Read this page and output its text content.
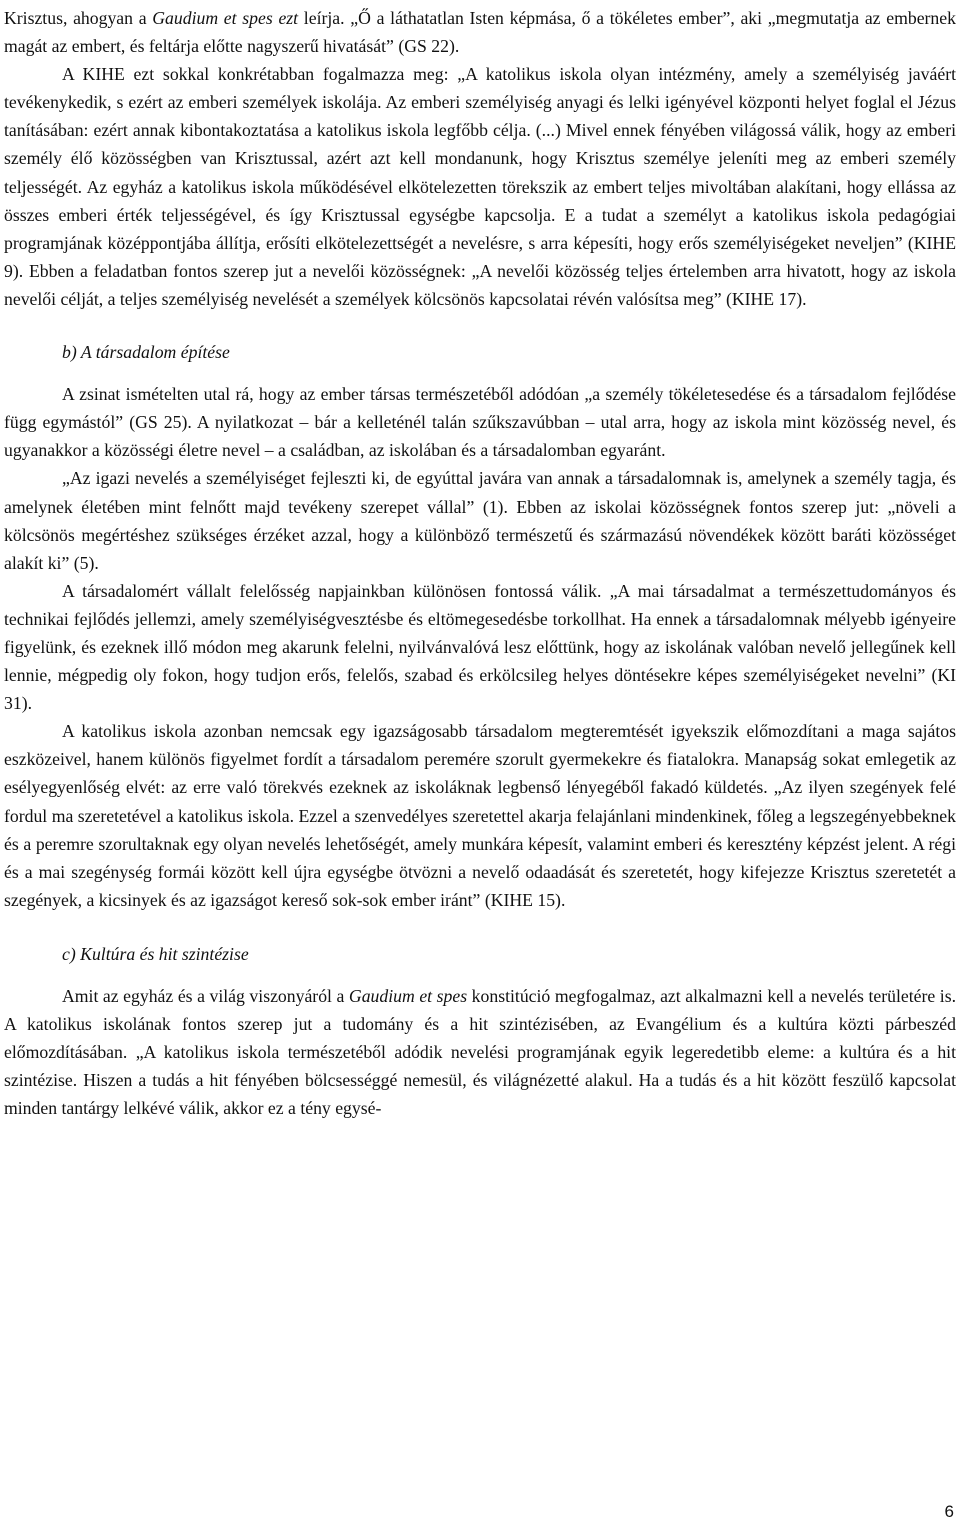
Krisztus, ahogyan a Gaudium et spes ezt leírja. „Ő a láthatatlan Isten képmása, ő a tökéletes ember”, aki „megmutatja az embernek magát az embert, és feltárja előtte nagyszerű hivatását” (GS 22).

A KIHE ezt sokkal konkrétabban fogalmazza meg: „A katolikus iskola olyan intézmény, amely a személyiség javáért tevékenykedik, s ezért az emberi személyek iskolája. Az emberi személyiség anyagi és lelki igényével központi helyet foglal el Jézus tanításában: ezért annak kibontakoztatása a katolikus iskola legfőbb célja. (...) Mivel ennek fényében világossá válik, hogy az emberi személy élő közösségben van Krisztussal, azért azt kell mondanunk, hogy Krisztus személye jeleníti meg az emberi személy teljességét. Az egyház a katolikus iskola működésével elkötelezetten törekszik az embert teljes mivoltában alakítani, hogy ellássa az összes emberi érték teljességével, és így Krisztussal egységbe kapcsolja. E a tudat a személyt a katolikus iskola pedagógiai programjának középpontjába állítja, erősíti elkötelezettségét a nevelésre, s arra képesíti, hogy erős személyiségeket neveljen” (KIHE 9). Ebben a feladatban fontos szerep jut a nevelői közösségnek: „A nevelői közösség teljes értelemben arra hivatott, hogy az iskola nevelői célját, a teljes személyiség nevelését a személyek kölcsönös kapcsolatai révén valósítsa meg” (KIHE 17).

b) A társadalom építése

A zsinat ismételten utal rá, hogy az ember társas természetéből adódóan „a személy tökéletesedése és a társadalom fejlődése függ egymástól” (GS 25). A nyilatkozat – bár a kelleténél talán szűkszavúbban – utal arra, hogy az iskola mint közösség nevel, és ugyanakkor a közösségi életre nevel – a családban, az iskolában és a társadalomban egyaránt.

„Az igazi nevelés a személyiséget fejleszti ki, de egyúttal javára van annak a társadalomnak is, amelynek a személy tagja, és amelynek életében mint felnőtt majd tevékeny szerepet vállal” (1). Ebben az iskolai közösségnek fontos szerep jut: „növeli a kölcsönös megértéshez szükséges érzéket azzal, hogy a különböző természetű és származású növendékek között baráti közösséget alakít ki” (5).

A társadalomért vállalt felelősség napjainkban különösen fontossá válik. „A mai társadalmat a természettudományos és technikai fejlődés jellemzi, amely személyiségvesztésbe és eltömegesedésbe torkollhat. Ha ennek a társadalomnak mélyebb igényeire figyelünk, és ezeknek illő módon meg akarunk felelni, nyilvánvalóvá lesz előttünk, hogy az iskolának valóban nevelő jellegűnek kell lennie, mégpedig oly fokon, hogy tudjon erős, felelős, szabad és erkölcsileg helyes döntésekre képes személyiségeket nevelni” (KI 31).

A katolikus iskola azonban nemcsak egy igazságosabb társadalom megteremtését igyekszik előmozdítani a maga sajátos eszközeivel, hanem különös figyelmet fordít a társadalom peremére szorult gyermekekre és fiatalokra. Manapság sokat emlegetik az esélyegyenlőség elvét: az erre való törekvés ezeknek az iskoláknak legbenső lényegéből fakadó küldetés. „Az ilyen szegények felé fordul ma szeretetével a katolikus iskola. Ezzel a szenvedélyes szeretettel akarja felajánlani mindenkinek, főleg a legszegényebbeknek és a peremre szorultaknak egy olyan nevelés lehetőségét, amely munkára képesít, valamint emberi és keresztény képzést jelent. A régi és a mai szegénység formái között kell újra egységbe ötvözni a nevelő odaadását és szeretetét, hogy kifejezze Krisztus szeretetét a szegények, a kicsinyek és az igazságot kereső sok-sok ember iránt” (KIHE 15).

c) Kultúra és hit szintézise

Amit az egyház és a világ viszonyáról a Gaudium et spes konstitúció megfogalmaz, azt alkalmazni kell a nevelés területére is. A katolikus iskolának fontos szerep jut a tudomány és a hit szintézisében, az Evangélium és a kultúra közti párbeszéd előmozdításában. „A katolikus iskola természetéből adódik nevelési programjának egyik legeredetibb eleme: a kultúra és a hit szintézise. Hiszen a tudás a hit fényében bölcsességgé nemesül, és világnézetté alakul. Ha a tudás és a hit között feszülő kapcsolat minden tantárgy lelkévé válik, akkor ez a tény egysé-

6
